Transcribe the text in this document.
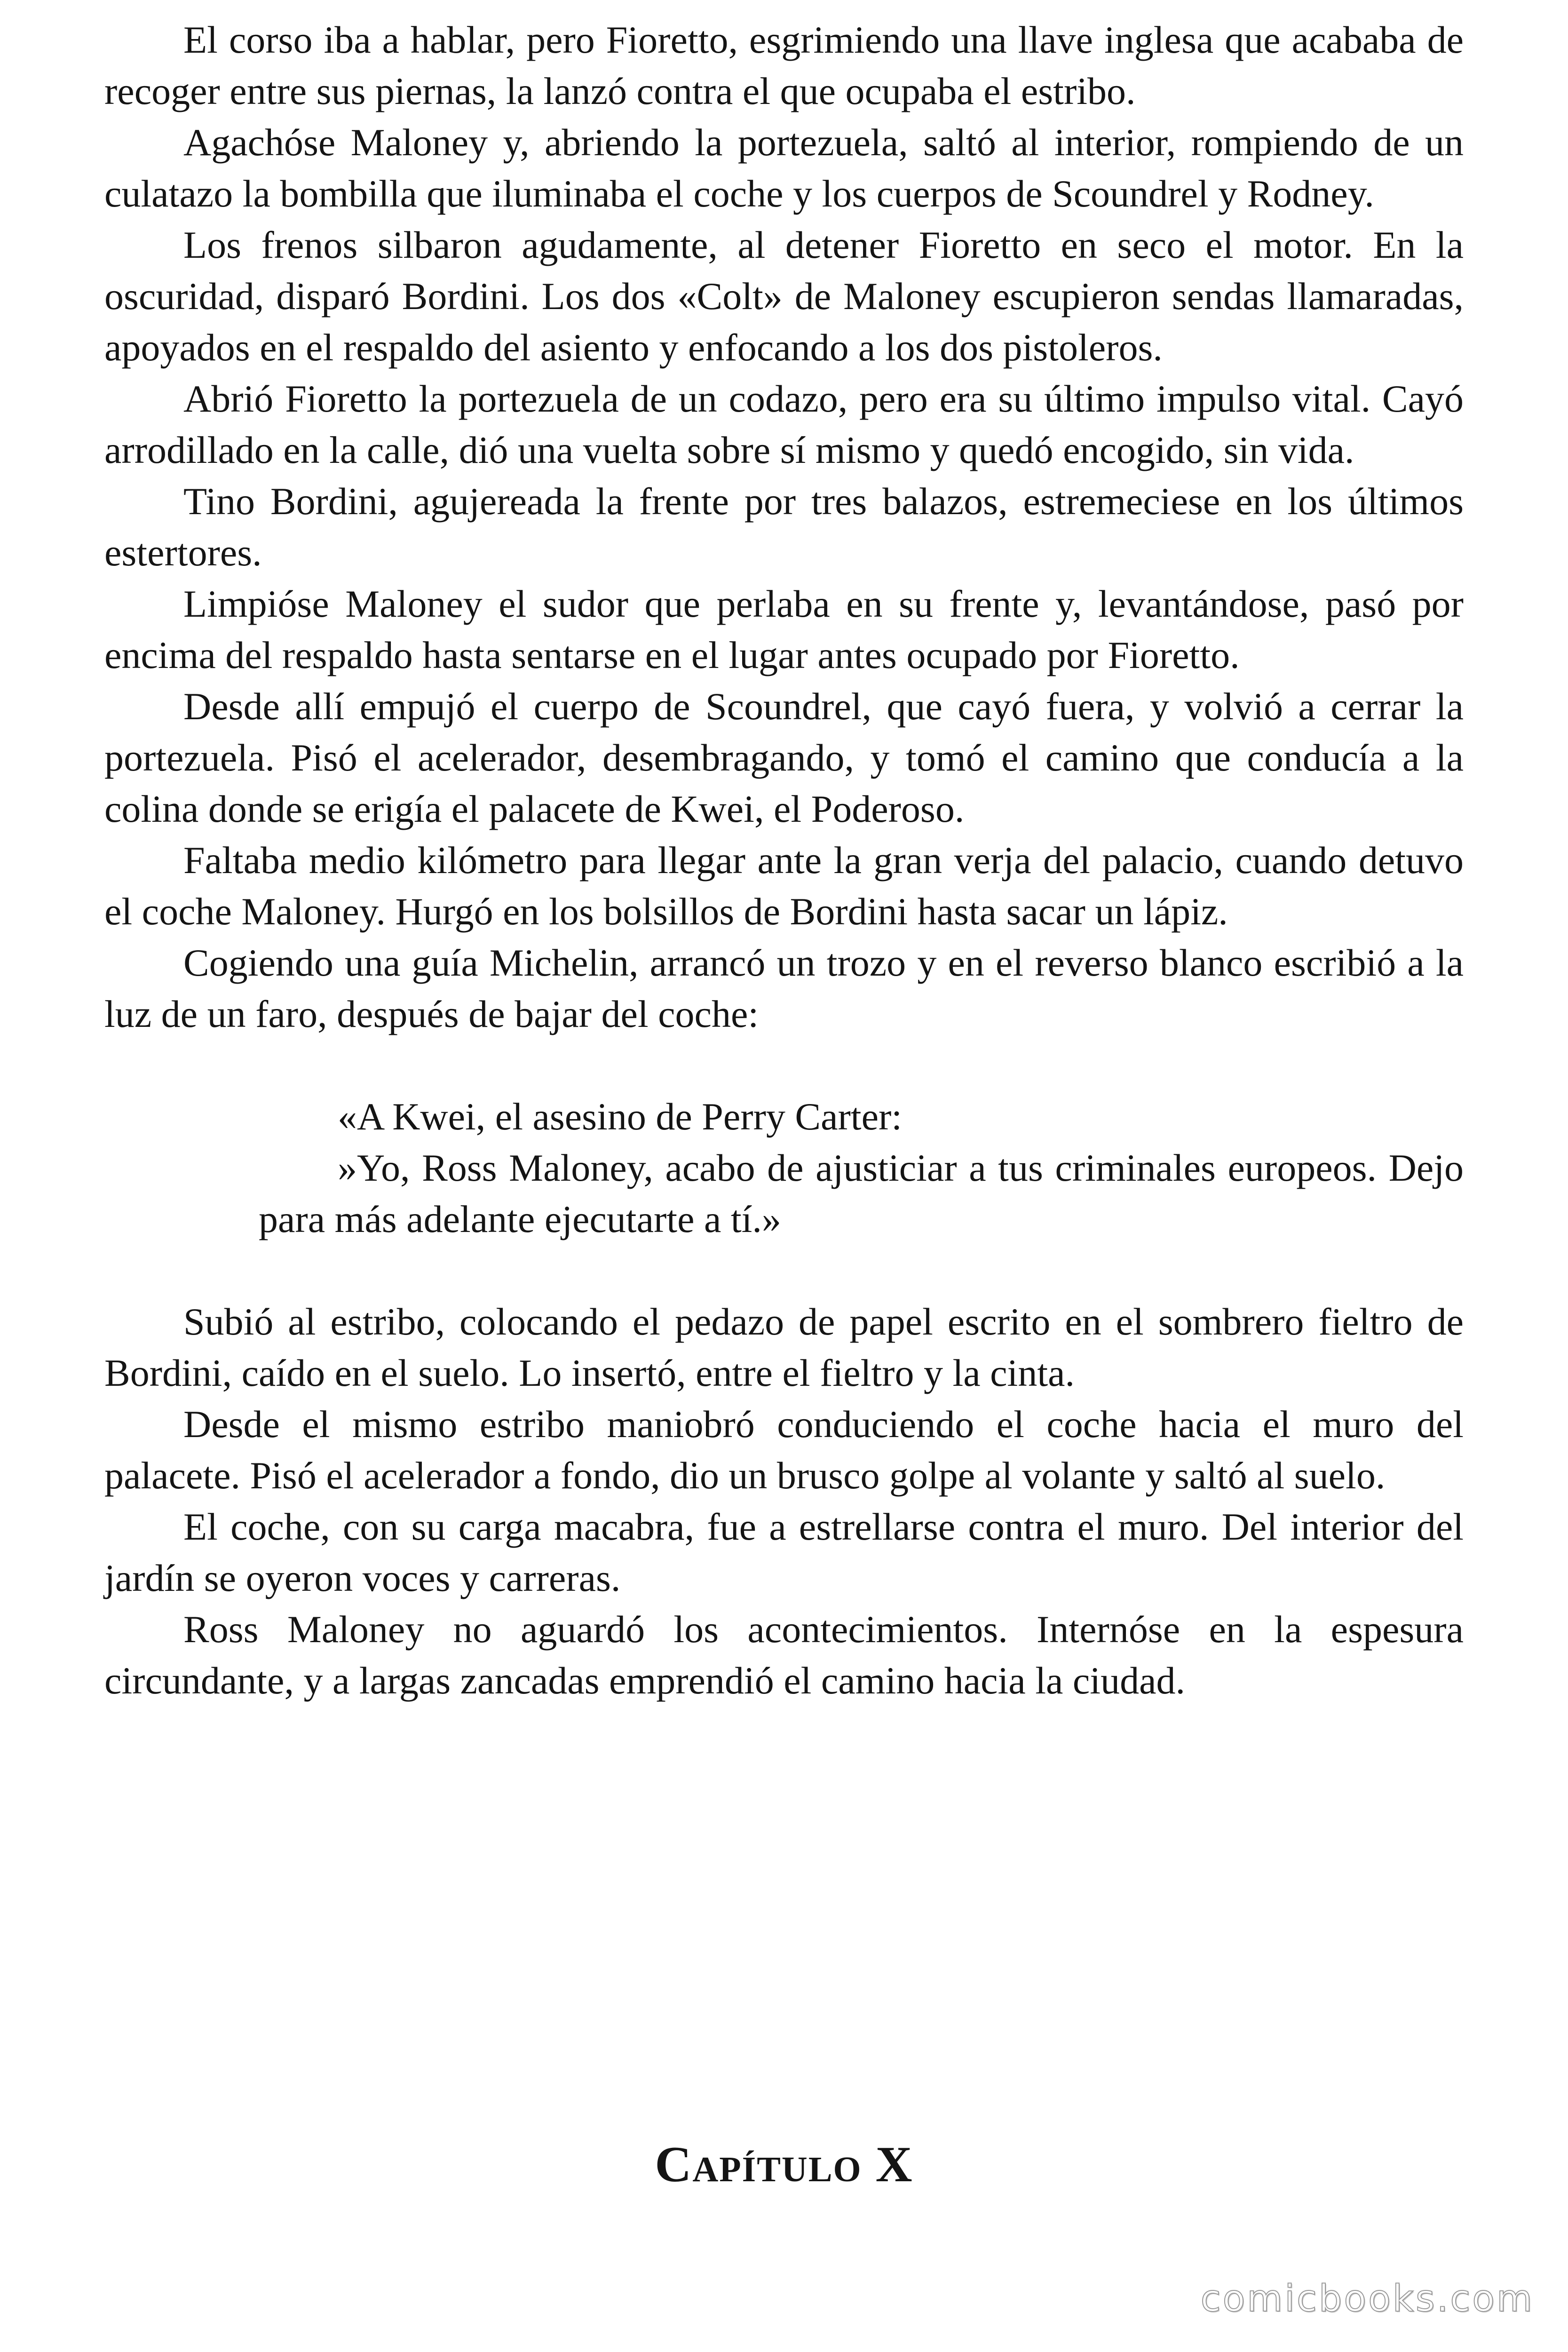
El corso iba a hablar, pero Fioretto, esgrimiendo una llave inglesa que acababa de recoger entre sus piernas, la lanzó contra el que ocupaba el estribo.

Agachóse Maloney y, abriendo la portezuela, saltó al interior, rompiendo de un culatazo la bombilla que iluminaba el coche y los cuerpos de Scoundrel y Rodney.

Los frenos silbaron agudamente, al detener Fioretto en seco el motor. En la oscuridad, disparó Bordini. Los dos «Colt» de Maloney escupieron sendas llamaradas, apoyados en el respaldo del asiento y enfocando a los dos pistoleros.

Abrió Fioretto la portezuela de un codazo, pero era su último impulso vital. Cayó arrodillado en la calle, dió una vuelta sobre sí mismo y quedó encogido, sin vida.

Tino Bordini, agujereada la frente por tres balazos, estremeciese en los últimos estertores.

Limpióse Maloney el sudor que perlaba en su frente y, levantándose, pasó por encima del respaldo hasta sentarse en el lugar antes ocupado por Fioretto.

Desde allí empujó el cuerpo de Scoundrel, que cayó fuera, y volvió a cerrar la portezuela. Pisó el acelerador, desembragando, y tomó el camino que conducía a la colina donde se erigía el palacete de Kwei, el Poderoso.

Faltaba medio kilómetro para llegar ante la gran verja del palacio, cuando detuvo el coche Maloney. Hurgó en los bolsillos de Bordini hasta sacar un lápiz.

Cogiendo una guía Michelin, arrancó un trozo y en el reverso blanco escribió a la luz de un faro, después de bajar del coche:

«A Kwei, el asesino de Perry Carter:

»Yo, Ross Maloney, acabo de ajusticiar a tus criminales europeos. Dejo para más adelante ejecutarte a tí.»

Subió al estribo, colocando el pedazo de papel escrito en el sombrero fieltro de Bordini, caído en el suelo. Lo insertó, entre el fieltro y la cinta.

Desde el mismo estribo maniobró conduciendo el coche hacia el muro del palacete. Pisó el acelerador a fondo, dio un brusco golpe al volante y saltó al suelo.

El coche, con su carga macabra, fue a estrellarse contra el muro. Del interior del jardín se oyeron voces y carreras.

Ross Maloney no aguardó los acontecimientos. Internóse en la espesura circundante, y a largas zancadas emprendió el camino hacia la ciudad.

Capítulo X
comicbooks.com
